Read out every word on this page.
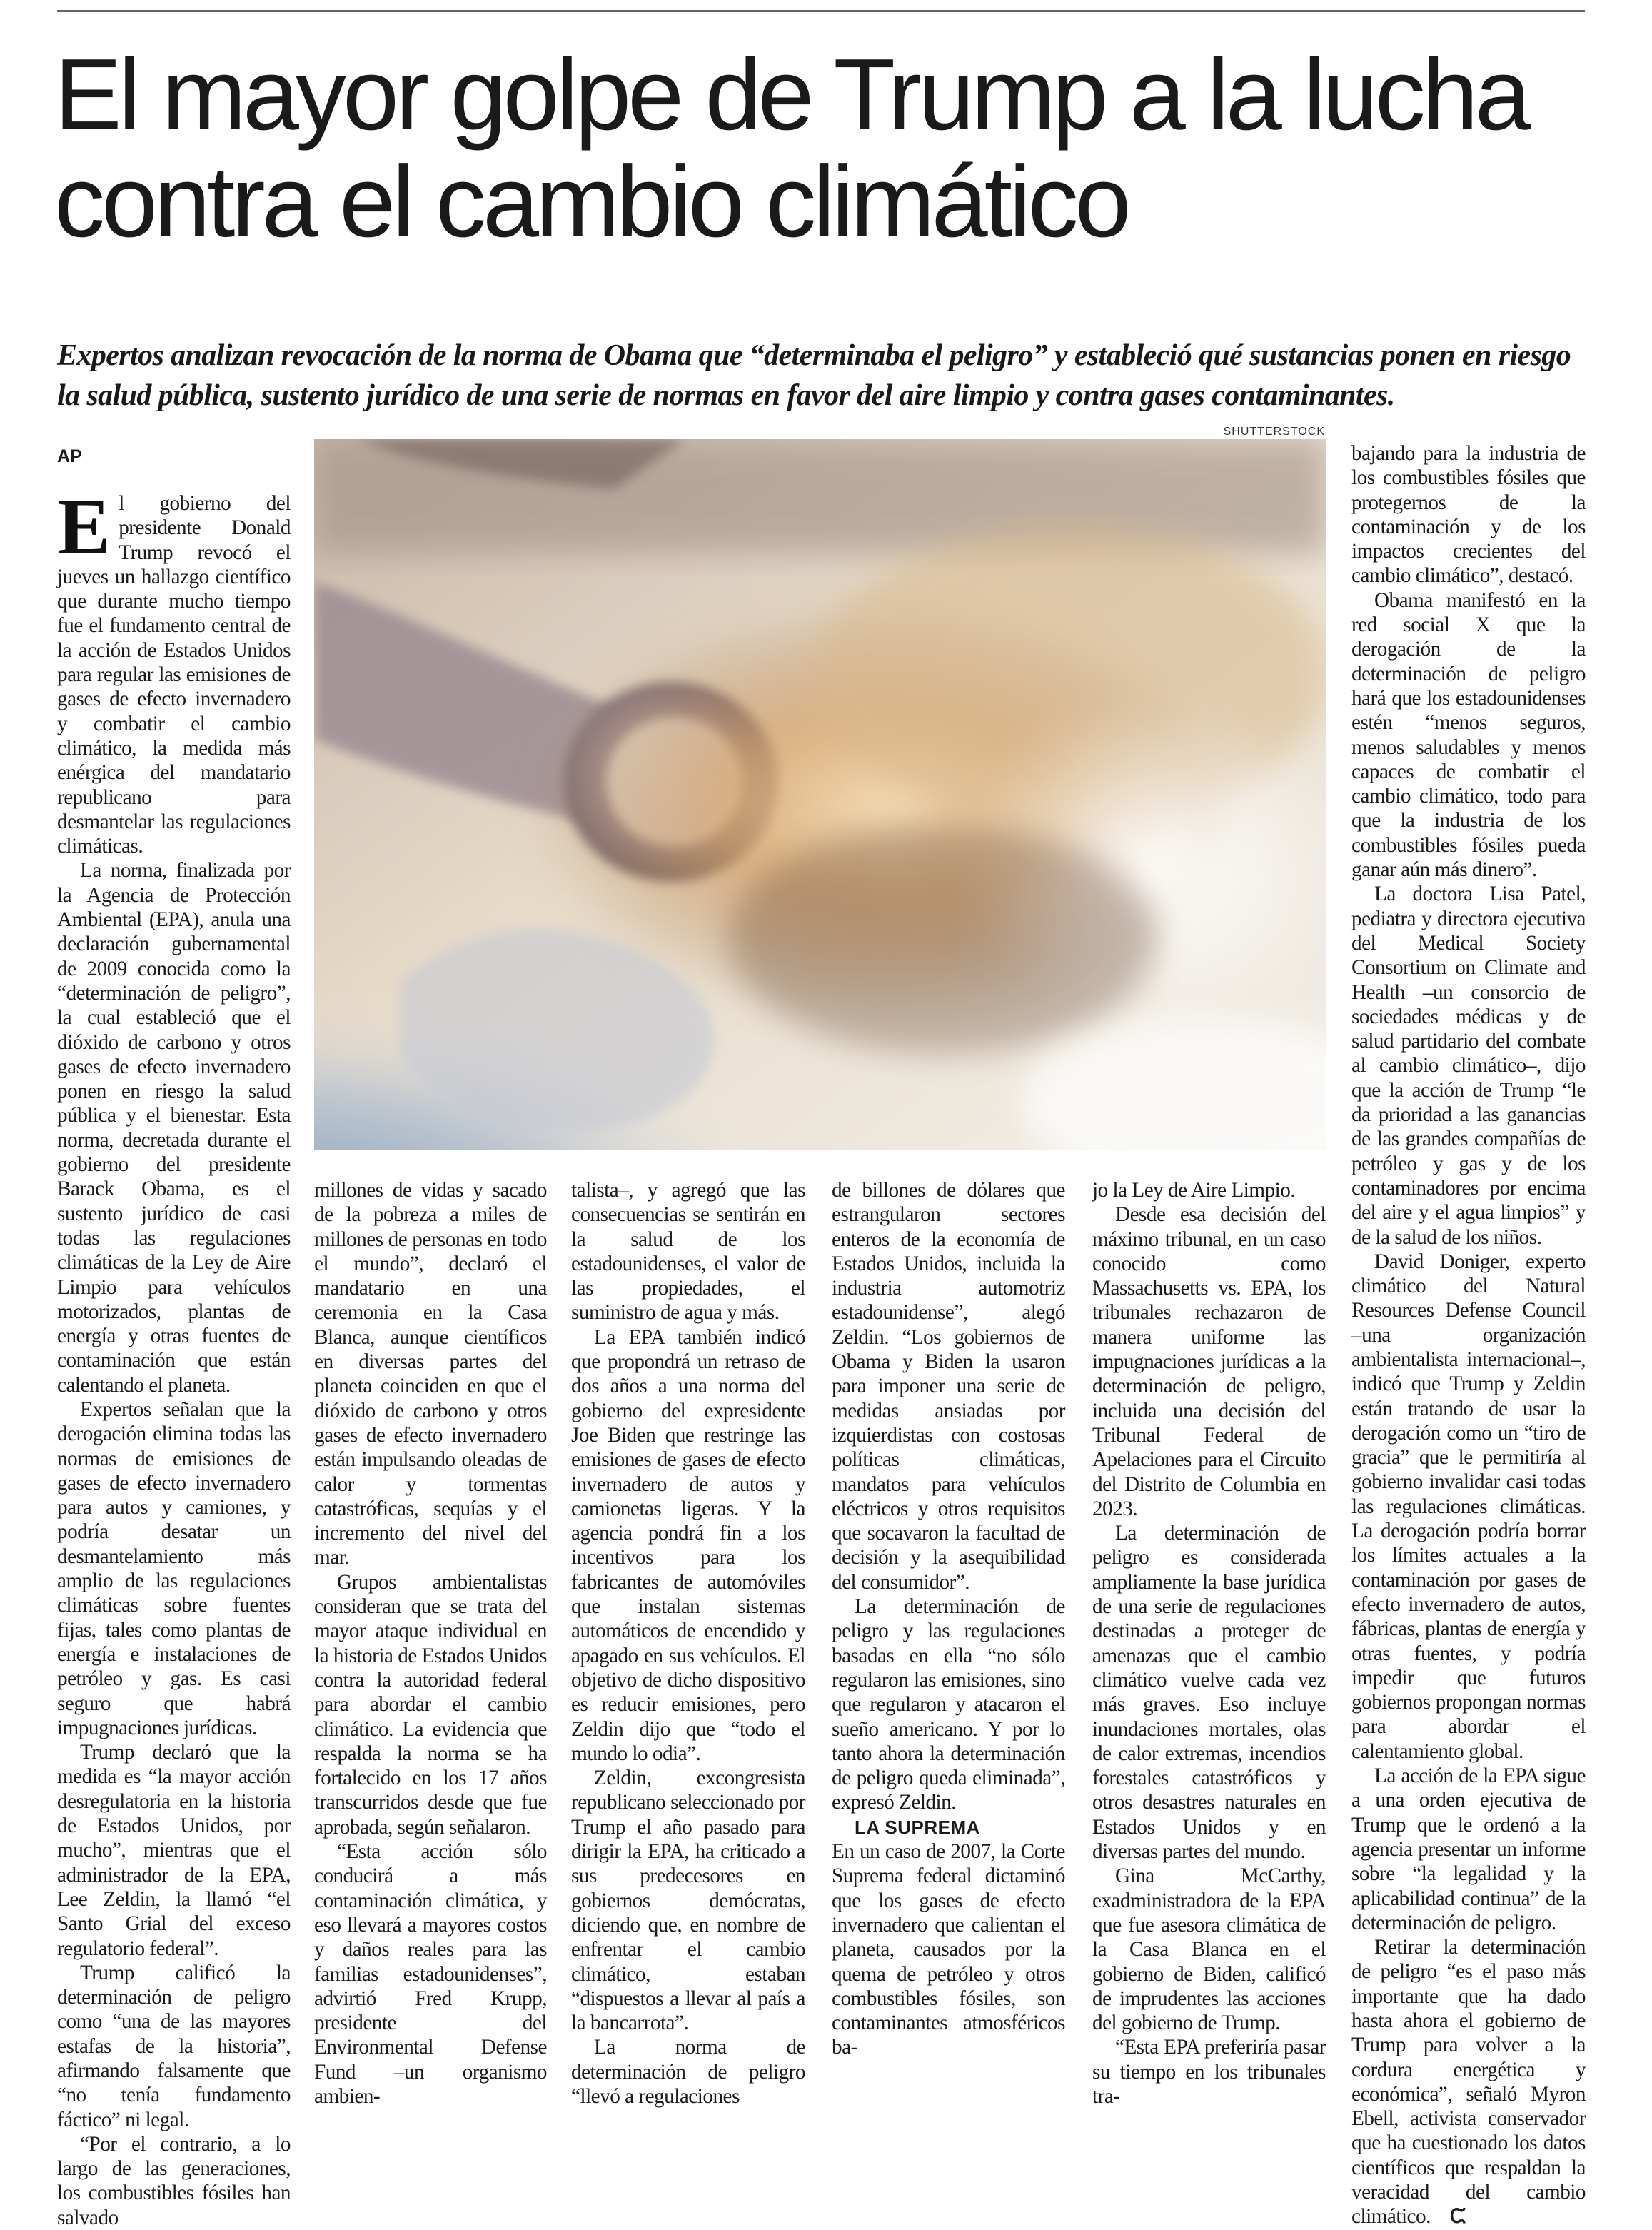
El mayor golpe de Trump a la lucha contra el cambio climático

Expertos analizan revocación de la norma de Obama que “determinaba el peligro” y estableció qué sustancias ponen en riesgo la salud pública, sustento jurídico de una serie de normas en favor del aire limpio y contra gases contaminantes.

AP
SHUTTERSTOCK

El gobierno del presidente Donald Trump revocó el jueves un hallazgo científico que durante mucho tiempo fue el fundamento central de la acción de Estados Unidos para regular las emisiones de gases de efecto invernadero y combatir el cambio climático, la medida más enérgica del mandatario republicano para desmantelar las regulaciones climáticas.

La norma, finalizada por la Agencia de Protección Ambiental (EPA), anula una declaración gubernamental de 2009 conocida como la “determinación de peligro”, la cual estableció que el dióxido de carbono y otros gases de efecto invernadero ponen en riesgo la salud pública y el bienestar. Esta norma, decretada durante el gobierno del presidente Barack Obama, es el sustento jurídico de casi todas las regulaciones climáticas de la Ley de Aire Limpio para vehículos motorizados, plantas de energía y otras fuentes de contaminación que están calentando el planeta.

Expertos señalan que la derogación elimina todas las normas de emisiones de gases de efecto invernadero para autos y camiones, y podría desatar un desmantelamiento más amplio de las regulaciones climáticas sobre fuentes fijas, tales como plantas de energía e instalaciones de petróleo y gas. Es casi seguro que habrá impugnaciones jurídicas.

Trump declaró que la medida es “la mayor acción desregulatoria en la historia de Estados Unidos, por mucho”, mientras que el administrador de la EPA, Lee Zeldin, la llamó “el Santo Grial del exceso regulatorio federal”.

Trump calificó la determinación de peligro como “una de las mayores estafas de la historia”, afirmando falsamente que “no tenía fundamento fáctico” ni legal.

“Por el contrario, a lo largo de las generaciones, los combustibles fósiles han salvado

millones de vidas y sacado de la pobreza a miles de millones de personas en todo el mundo”, declaró el mandatario en una ceremonia en la Casa Blanca, aunque científicos en diversas partes del planeta coinciden en que el dióxido de carbono y otros gases de efecto invernadero están impulsando oleadas de calor y tormentas catastróficas, sequías y el incremento del nivel del mar.

Grupos ambientalistas consideran que se trata del mayor ataque individual en la historia de Estados Unidos contra la autoridad federal para abordar el cambio climático. La evidencia que respalda la norma se ha fortalecido en los 17 años transcurridos desde que fue aprobada, según señalaron.

“Esta acción sólo conducirá a más contaminación climática, y eso llevará a mayores costos y daños reales para las familias estadounidenses”, advirtió Fred Krupp, presidente del Environmental Defense Fund –un organismo ambien-

talista–, y agregó que las consecuencias se sentirán en la salud de los estadounidenses, el valor de las propiedades, el suministro de agua y más.

La EPA también indicó que propondrá un retraso de dos años a una norma del gobierno del expresidente Joe Biden que restringe las emisiones de gases de efecto invernadero de autos y camionetas ligeras. Y la agencia pondrá fin a los incentivos para los fabricantes de automóviles que instalan sistemas automáticos de encendido y apagado en sus vehículos. El objetivo de dicho dispositivo es reducir emisiones, pero Zeldin dijo que “todo el mundo lo odia”.

Zeldin, excongresista republicano seleccionado por Trump el año pasado para dirigir la EPA, ha criticado a sus predecesores en gobiernos demócratas, diciendo que, en nombre de enfrentar el cambio climático, estaban “dispuestos a llevar al país a la bancarrota”.

La norma de determinación de peligro “llevó a regulaciones

de billones de dólares que estrangularon sectores enteros de la economía de Estados Unidos, incluida la industria automotriz estadounidense”, alegó Zeldin. “Los gobiernos de Obama y Biden la usaron para imponer una serie de medidas ansiadas por izquierdistas con costosas políticas climáticas, mandatos para vehículos eléctricos y otros requisitos que socavaron la facultad de decisión y la asequibilidad del consumidor”.

La determinación de peligro y las regulaciones basadas en ella “no sólo regularon las emisiones, sino que regularon y atacaron el sueño americano. Y por lo tanto ahora la determinación de peligro queda eliminada”, expresó Zeldin.

LA SUPREMA

En un caso de 2007, la Corte Suprema federal dictaminó que los gases de efecto invernadero que calientan el planeta, causados por la quema de petróleo y otros combustibles fósiles, son contaminantes atmosféricos ba-

jo la Ley de Aire Limpio.

Desde esa decisión del máximo tribunal, en un caso conocido como Massachusetts vs. EPA, los tribunales rechazaron de manera uniforme las impugnaciones jurídicas a la determinación de peligro, incluida una decisión del Tribunal Federal de Apelaciones para el Circuito del Distrito de Columbia en 2023.

La determinación de peligro es considerada ampliamente la base jurídica de una serie de regulaciones destinadas a proteger de amenazas que el cambio climático vuelve cada vez más graves. Eso incluye inundaciones mortales, olas de calor extremas, incendios forestales catastróficos y otros desastres naturales en Estados Unidos y en diversas partes del mundo.

Gina McCarthy, exadministradora de la EPA que fue asesora climática de la Casa Blanca en el gobierno de Biden, calificó de imprudentes las acciones del gobierno de Trump.

“Esta EPA preferiría pasar su tiempo en los tribunales tra-

bajando para la industria de los combustibles fósiles que protegernos de la contaminación y de los impactos crecientes del cambio climático”, destacó.

Obama manifestó en la red social X que la derogación de la determinación de peligro hará que los estadounidenses estén “menos seguros, menos saludables y menos capaces de combatir el cambio climático, todo para que la industria de los combustibles fósiles pueda ganar aún más dinero”.

La doctora Lisa Patel, pediatra y directora ejecutiva del Medical Society Consortium on Climate and Health –un consorcio de sociedades médicas y de salud partidario del combate al cambio climático–, dijo que la acción de Trump “le da prioridad a las ganancias de las grandes compañías de petróleo y gas y de los contaminadores por encima del aire y el agua limpios” y de la salud de los niños.

David Doniger, experto climático del Natural Resources Defense Council –una organización ambientalista internacional–, indicó que Trump y Zeldin están tratando de usar la derogación como un “tiro de gracia” que le permitiría al gobierno invalidar casi todas las regulaciones climáticas. La derogación podría borrar los límites actuales a la contaminación por gases de efecto invernadero de autos, fábricas, plantas de energía y otras fuentes, y podría impedir que futuros gobiernos propongan normas para abordar el calentamiento global.

La acción de la EPA sigue a una orden ejecutiva de Trump que le ordenó a la agencia presentar un informe sobre “la legalidad y la aplicabilidad continua” de la determinación de peligro.

Retirar la determinación de peligro “es el paso más importante que ha dado hasta ahora el gobierno de Trump para volver a la cordura energética y económica”, señaló Myron Ebell, activista conservador que ha cuestionado los datos científicos que respaldan la veracidad del cambio climático. ᙅ
